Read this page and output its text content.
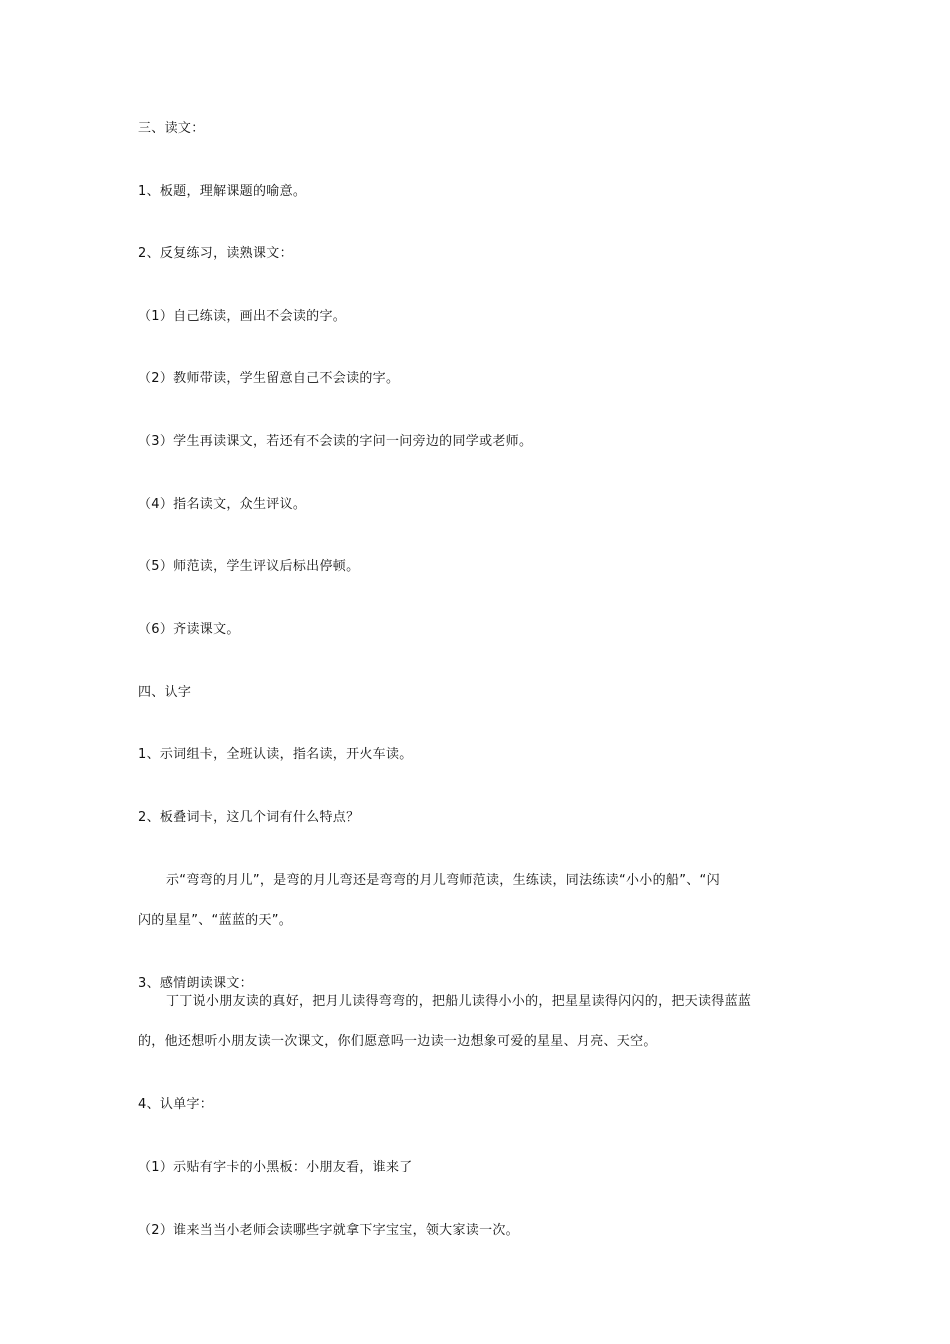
三、读文：
1、板题，理解课题的喻意。
2、反复练习，读熟课文：
（1）自己练读，画出不会读的字。
（2）教师带读，学生留意自己不会读的字。
（3）学生再读课文，若还有不会读的字问一问旁边的同学或老师。
（4）指名读文，众生评议。
（5）师范读，学生评议后标出停顿。
（6）齐读课文。
四、认字
1、示词组卡，全班认读，指名读，开火车读。
2、板叠词卡，这几个词有什么特点？
示“弯弯的月儿”，是弯的月儿弯还是弯弯的月儿弯师范读，生练读，同法练读“小小的船”、“闪
闪的星星”、“蓝蓝的天”。
3、感情朗读课文：
丁丁说小朋友读的真好，把月儿读得弯弯的，把船儿读得小小的，把星星读得闪闪的，把天读得蓝蓝
的，他还想听小朋友读一次课文，你们愿意吗一边读一边想象可爱的星星、月亮、天空。
4、认单字：
（1）示贴有字卡的小黑板：小朋友看，谁来了
（2）谁来当当小老师会读哪些字就拿下字宝宝，领大家读一次。
